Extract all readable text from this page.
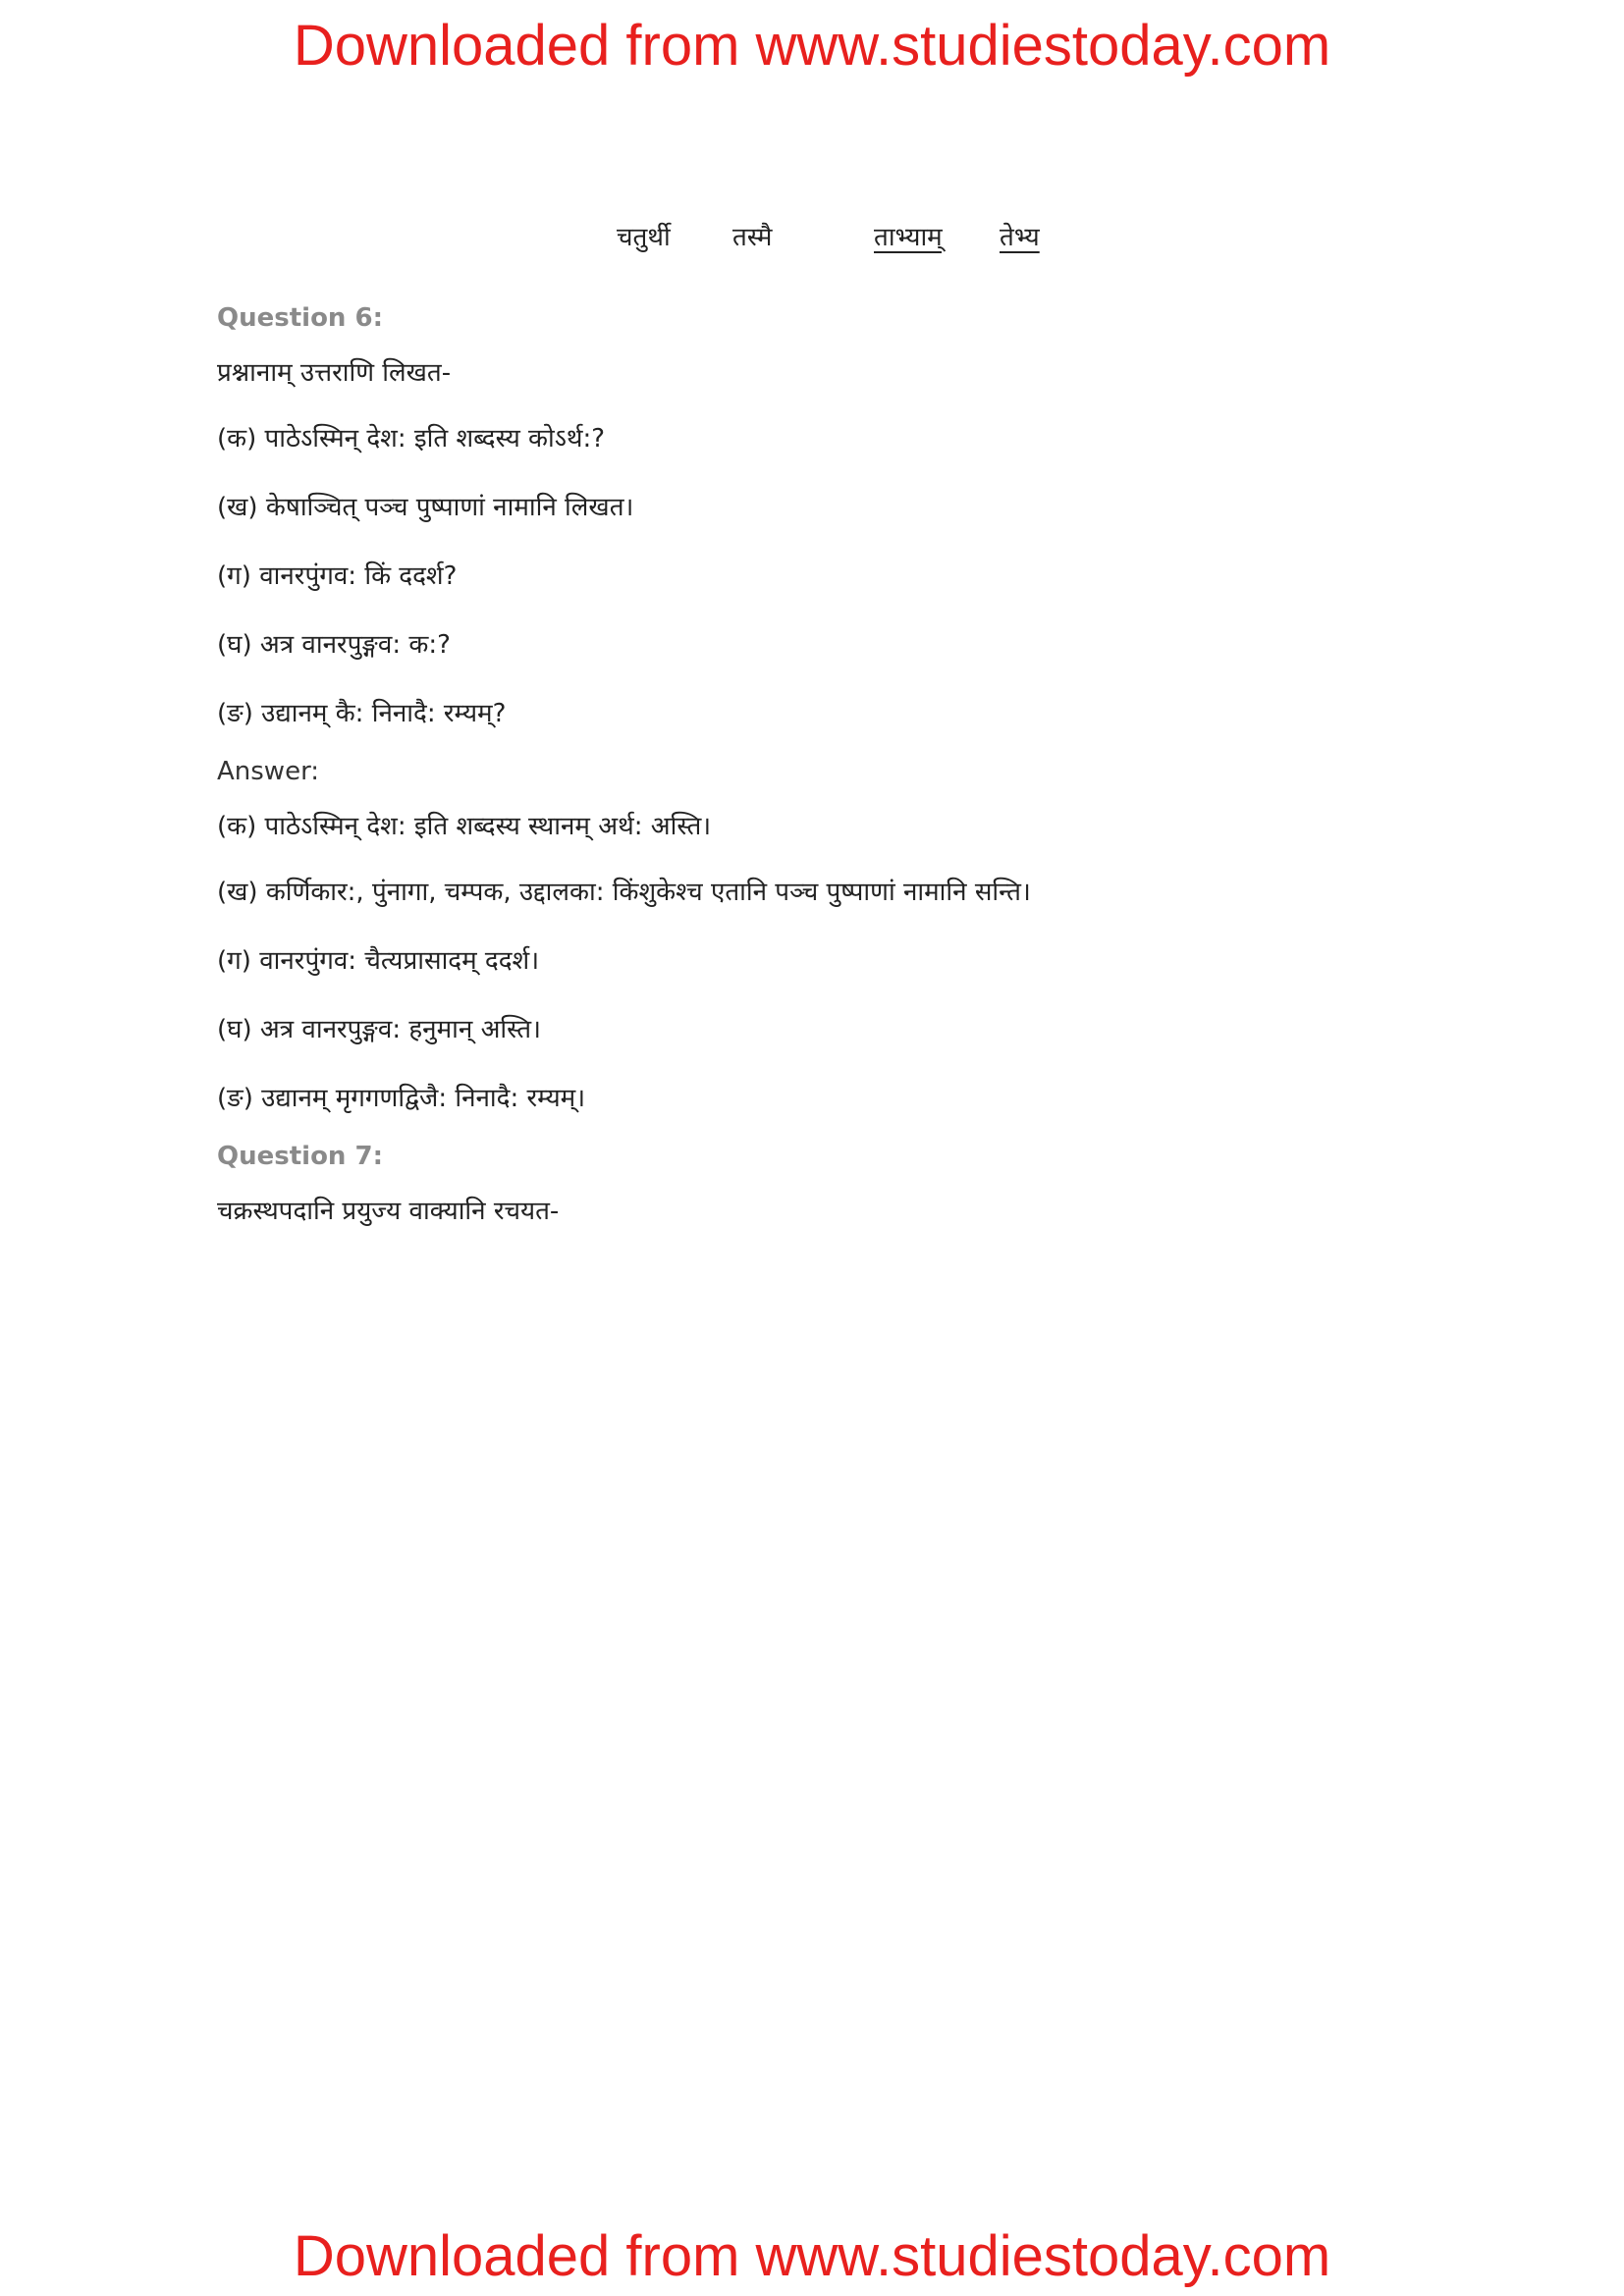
Downloaded from www.studiestoday.com
चतुर्थी तस्मै	ताभ्याम् तेभ्य
Question 6:
प्रश्नानाम् उत्तराणि लिखत-
(क) पाठेऽस्मिन् देश: इति शब्दस्य कोऽर्थ:?
(ख) केषाञ्चित् पञ्च पुष्पाणां नामानि लिखत।
(ग) वानरपुंगव: किं ददर्श?
(घ) अत्र वानरपुङ्गव: क:?
(ङ) उद्यानम् कै: निनादै: रम्यम्?
Answer:
(क) पाठेऽस्मिन् देश: इति शब्दस्य स्थानम् अर्थ: अस्ति।
(ख) कर्णिकार:, पुंनागा, चम्पक, उद्दालका: किंशुकेश्च एतानि पञ्च पुष्पाणां नामानि सन्ति।
(ग) वानरपुंगव: चैत्यप्रासादम् ददर्श।
(घ) अत्र वानरपुङ्गव: हनुमान् अस्ति।
(ङ) उद्यानम् मृगगणद्विजै: निनादै: रम्यम्।
Question 7:
चक्रस्थपदानि प्रयुज्य वाक्यानि रचयत-
Downloaded from www.studiestoday.com
